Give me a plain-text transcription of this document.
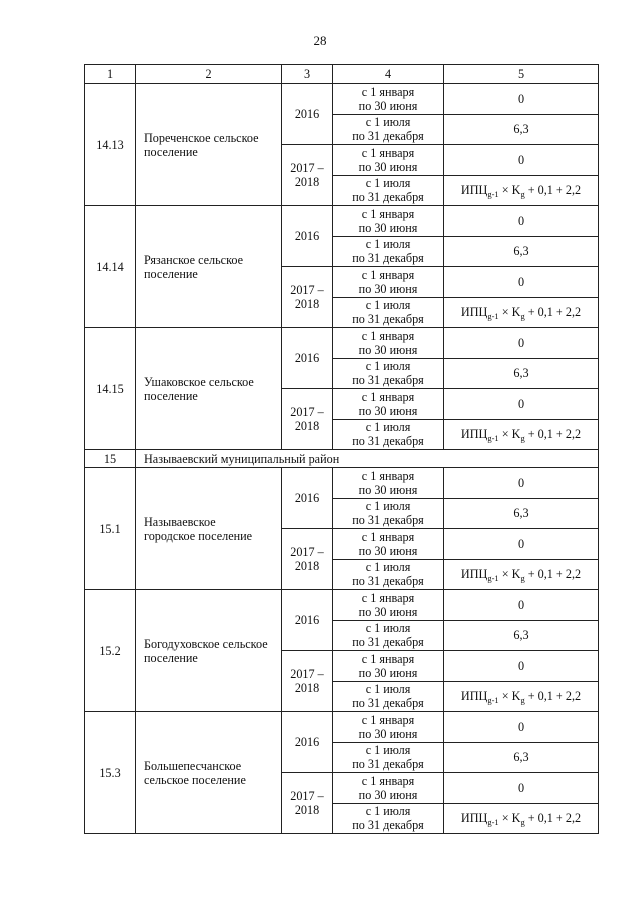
28
1	2	3	4	5
14.13	Пореченское сельское
поселение	2016	с 1 января
по 30 июня	0

			с 1 июля
по 31 декабря	6,3

		2017 –
2018	с 1 января
по 30 июня	0

			с 1 июля
по 31 декабря	$ИПЦ_{g-1} \times K_g + 0,1 + 2,2$
14.14	Рязанское сельское
поселение	2016	с 1 января
по 30 июня	0

			с 1 июля
по 31 декабря	6,3

		2017 –
2018	с 1 января
по 30 июня	0

			с 1 июля
по 31 декабря	$ИПЦ_{g-1} \times K_g + 0,1 + 2,2$
14.15	Ушаковское сельское
поселение	2016	с 1 января
по 30 июня	0

			с 1 июля
по 31 декабря	6,3

		2017 –
2018	с 1 января
по 30 июня	0

			с 1 июля
по 31 декабря	$ИПЦ_{g-1} \times K_g + 0,1 + 2,2$
15	Называевский муниципальный район			
15.1	Называевское
городское поселение	2016	с 1 января
по 30 июня	0

			с 1 июля
по 31 декабря	6,3

		2017 –
2018	с 1 января
по 30 июня	0

			с 1 июля
по 31 декабря	$ИПЦ_{g-1} \times K_g + 0,1 + 2,2$
15.2	Богодуховское сельское
поселение	2016	с 1 января
по 30 июня	0

			с 1 июля
по 31 декабря	6,3

		2017 –
2018	с 1 января
по 30 июня	0

			с 1 июля
по 31 декабря	$ИПЦ_{g-1} \times K_g + 0,1 + 2,2$
15.3	Большепесчанское
сельское поселение	2016	с 1 января
по 30 июня	0

			с 1 июля
по 31 декабря	6,3

		2017 –
2018	с 1 января
по 30 июня	0

			с 1 июля
по 31 декабря	$ИПЦ_{g-1} \times K_g + 0,1 + 2,2$
